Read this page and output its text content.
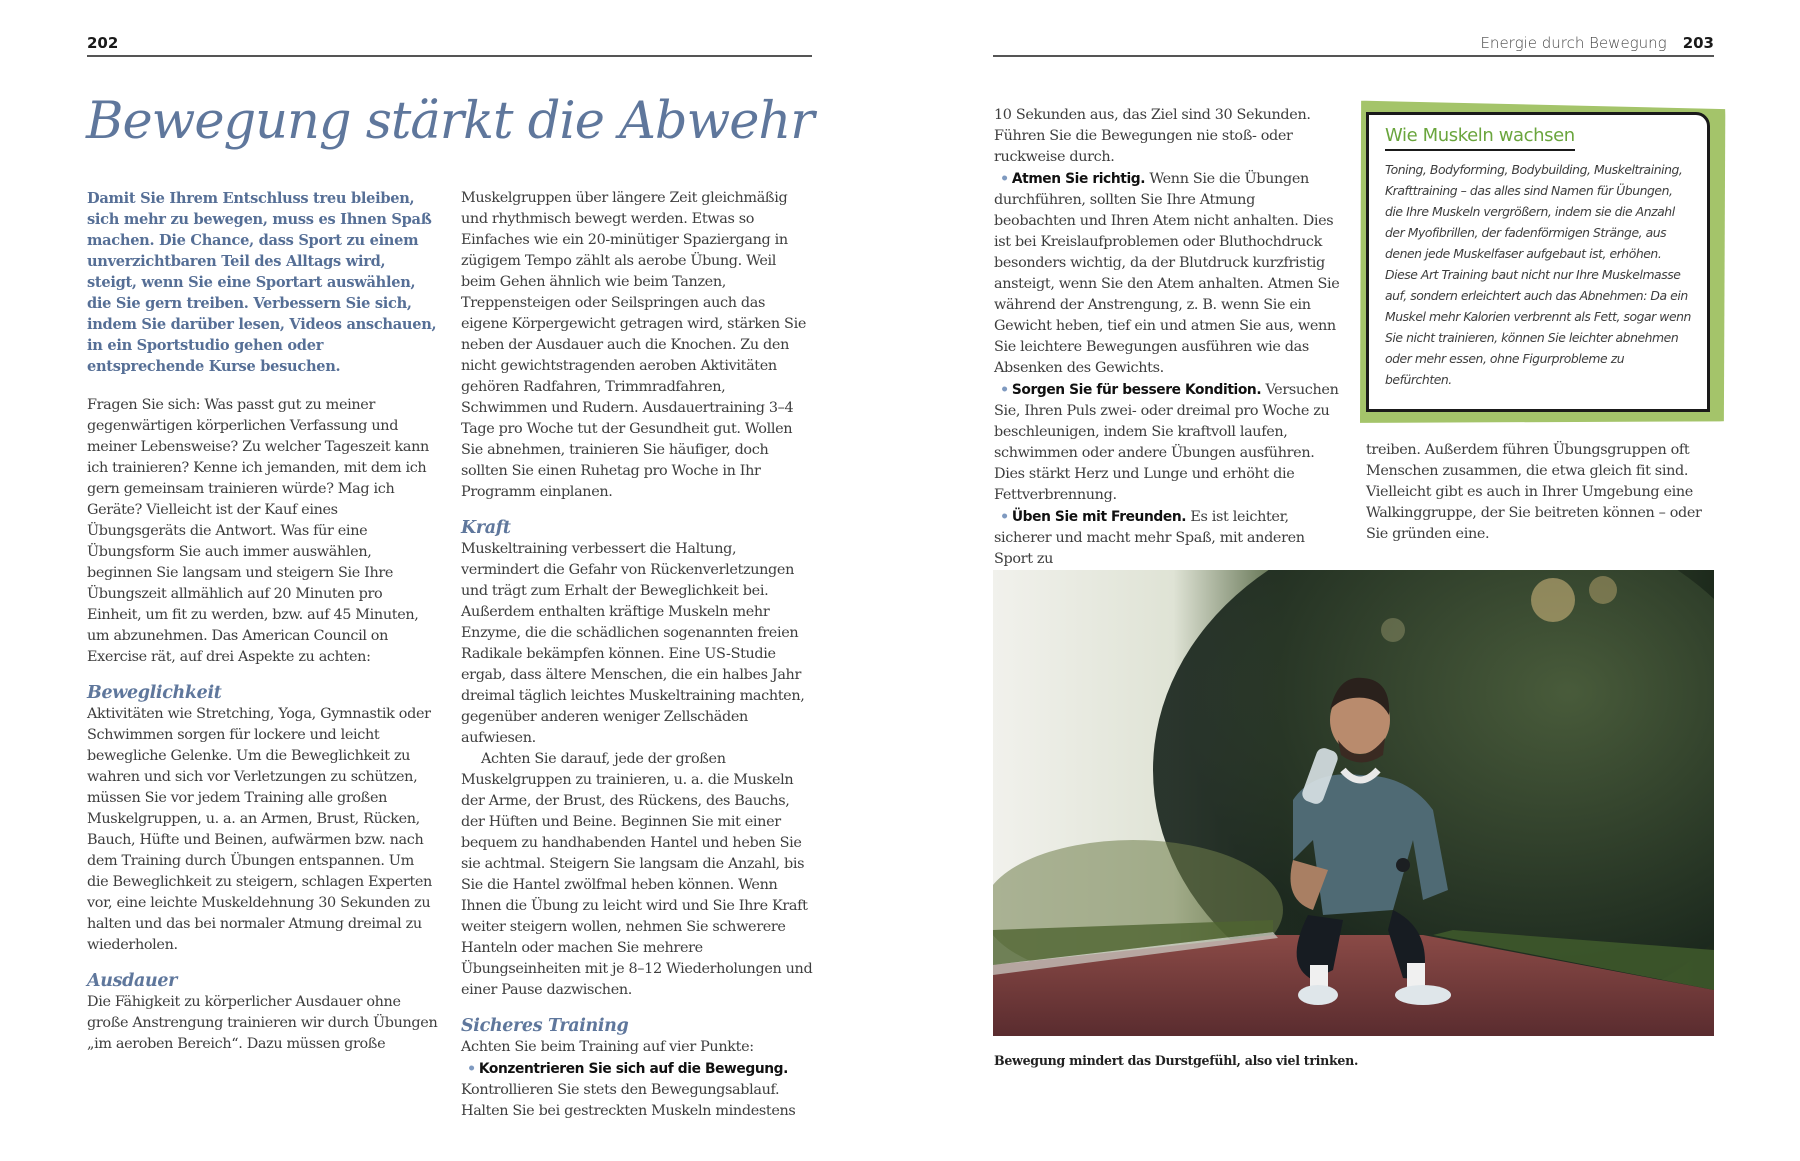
202
Bewegung stärkt die Abwehr

Damit Sie Ihrem Entschluss treu bleiben, sich mehr zu bewegen, muss es Ihnen Spaß machen. Die Chance, dass Sport zu einem unverzichtbaren Teil des Alltags wird, steigt, wenn Sie eine Sportart auswählen, die Sie gern treiben. Verbessern Sie sich, indem Sie darüber lesen, Videos anschauen, in ein Sportstudio gehen oder entsprechende Kurse besuchen.

Fragen Sie sich: Was passt gut zu meiner gegenwärtigen körperlichen Verfassung und meiner Lebensweise? Zu welcher Tageszeit kann ich trainieren? Kenne ich jemanden, mit dem ich gern gemeinsam trainieren würde? Mag ich Geräte? Vielleicht ist der Kauf eines Übungsgeräts die Antwort. Was für eine Übungsform Sie auch immer auswählen, beginnen Sie langsam und steigern Sie Ihre Übungszeit allmählich auf 20 Minuten pro Einheit, um fit zu werden, bzw. auf 45 Minuten, um abzunehmen. Das American Council on Exercise rät, auf drei Aspekte zu achten:

Beweglichkeit

Aktivitäten wie Stretching, Yoga, Gymnastik oder Schwimmen sorgen für lockere und leicht bewegliche Gelenke. Um die Beweglichkeit zu wahren und sich vor Verletzungen zu schützen, müssen Sie vor jedem Training alle großen Muskelgruppen, u. a. an Armen, Brust, Rücken, Bauch, Hüfte und Beinen, aufwärmen bzw. nach dem Training durch Übungen entspannen. Um die Beweglichkeit zu steigern, schlagen Experten vor, eine leichte Muskeldehnung 30 Sekunden zu halten und das bei normaler Atmung dreimal zu wiederholen.

Ausdauer

Die Fähigkeit zu körperlicher Ausdauer ohne große Anstrengung trainieren wir durch Übungen „im aeroben Bereich“. Dazu müssen große

Muskelgruppen über längere Zeit gleichmäßig und rhythmisch bewegt werden. Etwas so Einfaches wie ein 20-minütiger Spaziergang in zügigem Tempo zählt als aerobe Übung. Weil beim Gehen ähnlich wie beim Tanzen, Treppensteigen oder Seilspringen auch das eigene Körpergewicht getragen wird, stärken Sie neben der Ausdauer auch die Knochen. Zu den nicht gewichtstragenden aeroben Aktivitäten gehören Radfahren, Trimmradfahren, Schwimmen und Rudern. Ausdauertraining 3–4 Tage pro Woche tut der Gesundheit gut. Wollen Sie abnehmen, trainieren Sie häufiger, doch sollten Sie einen Ruhetag pro Woche in Ihr Programm einplanen.

Kraft

Muskeltraining verbessert die Haltung, vermindert die Gefahr von Rückenverletzungen und trägt zum Erhalt der Beweglichkeit bei. Außerdem enthalten kräftige Muskeln mehr Enzyme, die die schädlichen sogenannten freien Radikale bekämpfen können. Eine US-Studie ergab, dass ältere Menschen, die ein halbes Jahr dreimal täglich leichtes Muskeltraining machten, gegenüber anderen weniger Zellschäden aufwiesen.

Achten Sie darauf, jede der großen Muskelgruppen zu trainieren, u. a. die Muskeln der Arme, der Brust, des Rückens, des Bauchs, der Hüften und Beine. Beginnen Sie mit einer bequem zu handhabenden Hantel und heben Sie sie achtmal. Steigern Sie langsam die Anzahl, bis Sie die Hantel zwölfmal heben können. Wenn Ihnen die Übung zu leicht wird und Sie Ihre Kraft weiter steigern wollen, nehmen Sie schwerere Hanteln oder machen Sie mehrere Übungseinheiten mit je 8–12 Wiederholungen und einer Pause dazwischen.

Sicheres Training

Achten Sie beim Training auf vier Punkte:

• Konzentrieren Sie sich auf die Bewegung. Kontrollieren Sie stets den Bewegungsablauf. Halten Sie bei gestreckten Muskeln mindestens

Energie durch Bewegung 203

10 Sekunden aus, das Ziel sind 30 Sekunden. Führen Sie die Bewegungen nie stoß- oder ruckweise durch.

• Atmen Sie richtig. Wenn Sie die Übungen durchführen, sollten Sie Ihre Atmung beobachten und Ihren Atem nicht anhalten. Dies ist bei Kreislaufproblemen oder Bluthochdruck besonders wichtig, da der Blutdruck kurzfristig ansteigt, wenn Sie den Atem anhalten. Atmen Sie während der Anstrengung, z. B. wenn Sie ein Gewicht heben, tief ein und atmen Sie aus, wenn Sie leichtere Bewegungen ausführen wie das Absenken des Gewichts.

• Sorgen Sie für bessere Kondition. Versuchen Sie, Ihren Puls zwei- oder dreimal pro Woche zu beschleunigen, indem Sie kraftvoll laufen, schwimmen oder andere Übungen ausführen. Dies stärkt Herz und Lunge und erhöht die Fettverbrennung.

• Üben Sie mit Freunden. Es ist leichter, sicherer und macht mehr Spaß, mit anderen Sport zu

Wie Muskeln wachsen
Toning, Bodyforming, Bodybuilding, Muskeltraining, Krafttraining – das alles sind Namen für Übungen, die Ihre Muskeln vergrößern, indem sie die Anzahl der Myofibrillen, der fadenförmigen Stränge, aus denen jede Muskelfaser aufgebaut ist, erhöhen. Diese Art Training baut nicht nur Ihre Muskelmasse auf, sondern erleichtert auch das Abnehmen: Da ein Muskel mehr Kalorien verbrennt als Fett, sogar wenn Sie nicht trainieren, können Sie leichter abnehmen oder mehr essen, ohne Figurprobleme zu befürchten.

treiben. Außerdem führen Übungsgruppen oft Menschen zusammen, die etwa gleich fit sind. Vielleicht gibt es auch in Ihrer Umgebung eine Walkinggruppe, der Sie beitreten können – oder Sie gründen eine.

Bewegung mindert das Durstgefühl, also viel trinken.
